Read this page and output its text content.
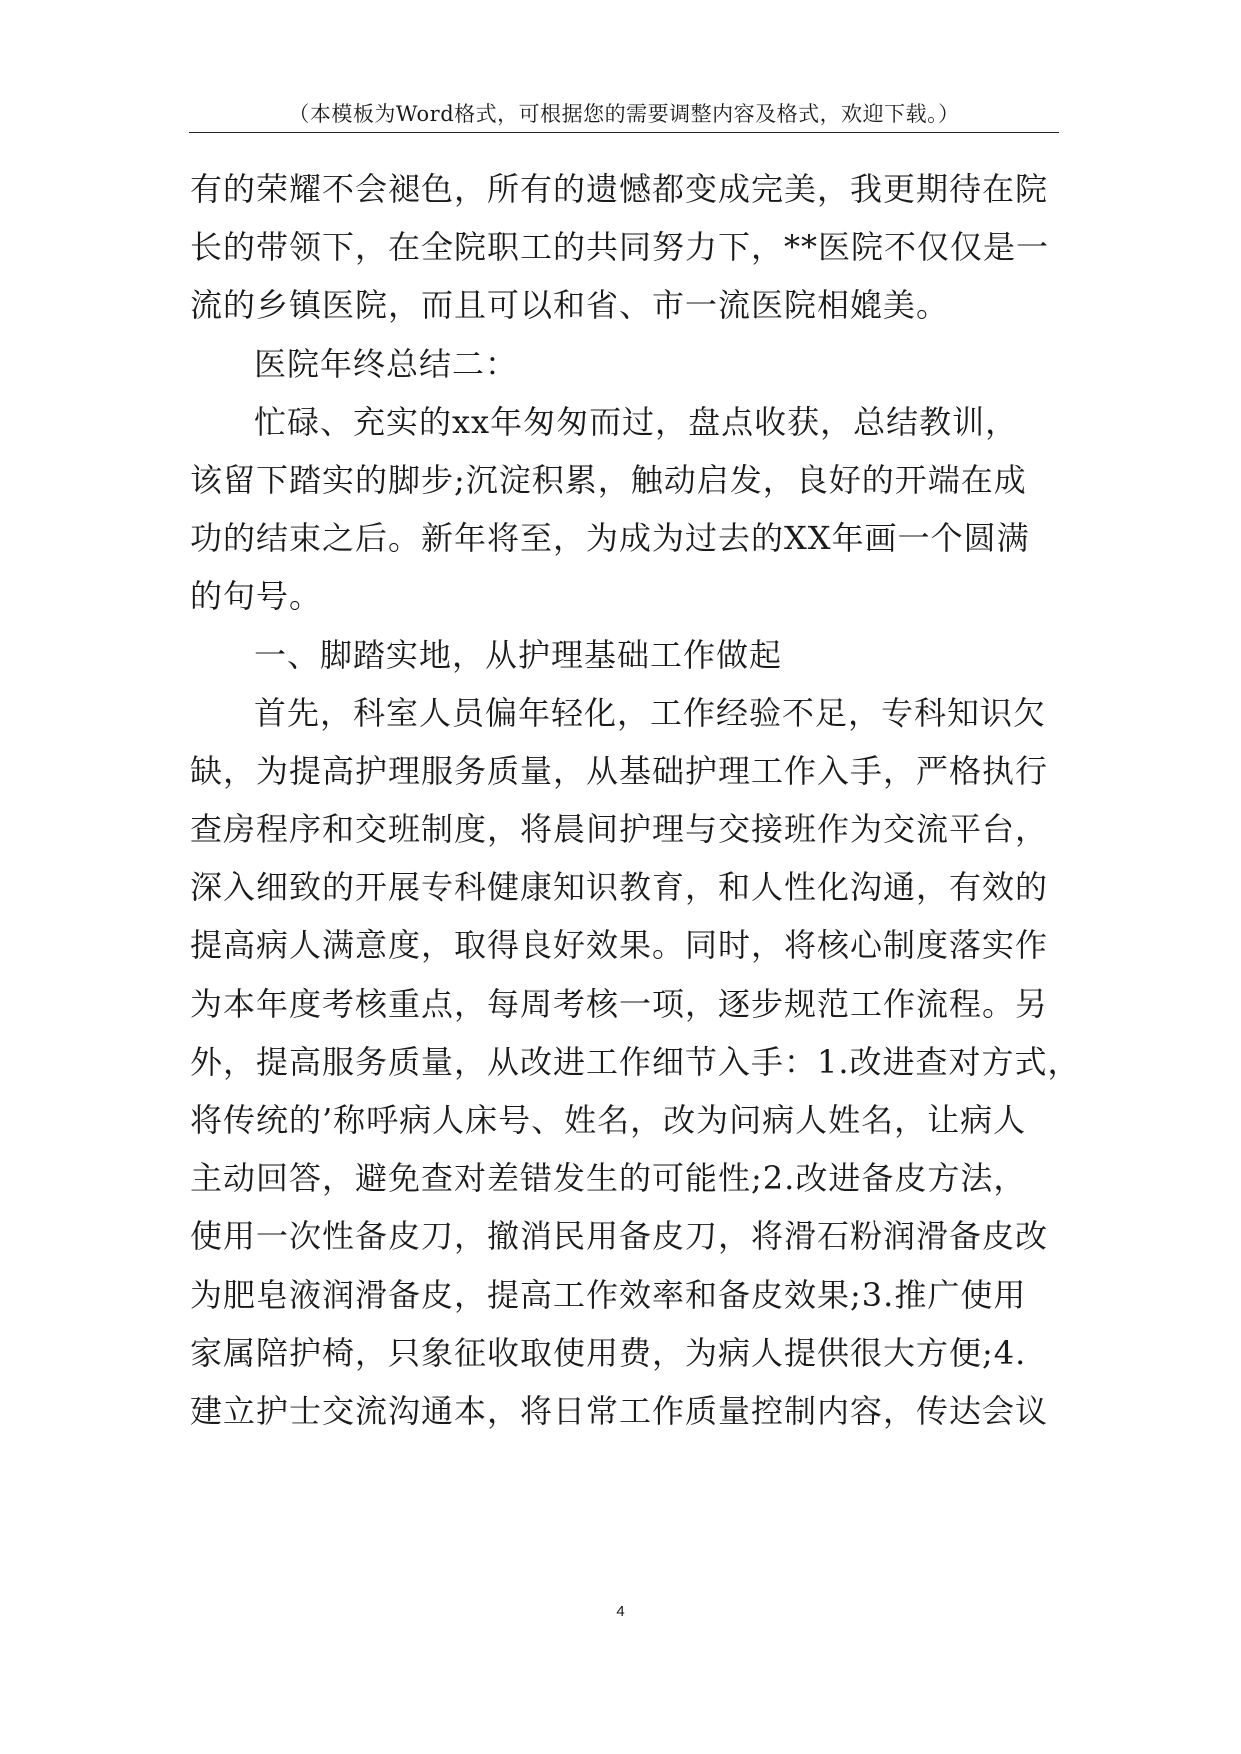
（本模板为Word格式，可根据您的需要调整内容及格式，欢迎下载。）
有的荣耀不会褪色，所有的遗憾都变成完美，我更期待在院
长的带领下，在全院职工的共同努力下，**医院不仅仅是一
流的乡镇医院，而且可以和省、市一流医院相媲美。
医院年终总结二：
忙碌、充实的xx年匆匆而过，盘点收获，总结教训，
该留下踏实的脚步;沉淀积累，触动启发，良好的开端在成
功的结束之后。新年将至，为成为过去的XX年画一个圆满
的句号。
一、脚踏实地，从护理基础工作做起
首先，科室人员偏年轻化，工作经验不足，专科知识欠
缺，为提高护理服务质量，从基础护理工作入手，严格执行
查房程序和交班制度，将晨间护理与交接班作为交流平台，
深入细致的开展专科健康知识教育，和人性化沟通，有效的
提高病人满意度，取得良好效果。同时，将核心制度落实作
为本年度考核重点，每周考核一项，逐步规范工作流程。另
外，提高服务质量，从改进工作细节入手：1.改进查对方式，
将传统的’称呼病人床号、姓名，改为问病人姓名，让病人
主动回答，避免查对差错发生的可能性;2.改进备皮方法，
使用一次性备皮刀，撤消民用备皮刀，将滑石粉润滑备皮改
为肥皂液润滑备皮，提高工作效率和备皮效果;3.推广使用
家属陪护椅，只象征收取使用费，为病人提供很大方便;4.
建立护士交流沟通本，将日常工作质量控制内容，传达会议
4
